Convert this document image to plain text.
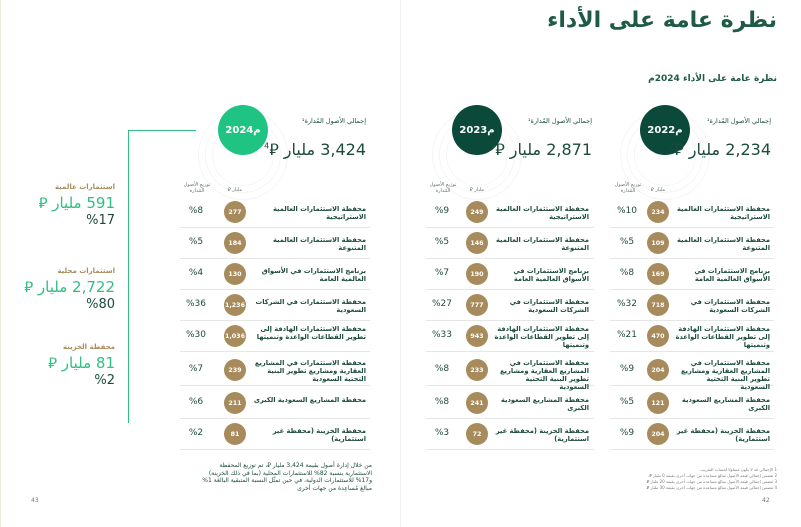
نظرة عامة على الأداء
نظرة عامة على الأداء 2024م
2024م
إجمالي الأصول المُدارة¹
3,424 مليار ⃁$^4$
مليار ⃁
توزيع الأصول المُدارة
محفظة الاستثمارات العالمية الاستراتيجية
277
%8
محفظة الاستثمارات العالمية المتنوعة
184
%5
برنامج الاستثمارات في الأسواق العالمية العامة
130
%4
محفظة الاستثمارات في الشركات السعودية
1,236
%36
محفظة الاستثمارات الهادفة إلى تطوير القطاعات الواعدة وتنميتها
1,036
%30
محفظة الاستثمارات في المشاريع العقارية ومشاريع تطوير البنية التحتية السعودية
239
%7
محفظة المشاريع السعودية الكبرى
211
%6
محفظة الخزينة (محفظة غير استثمارية)
81
%2
2023م
إجمالي الأصول المُدارة¹
2,871 مليار ⃁$^3$
مليار ⃁
توزيع الأصول المُدارة
محفظة الاستثمارات العالمية الاستراتيجية
249
%9
محفظة الاستثمارات العالمية المتنوعة
146
%5
برنامج الاستثمارات في الأسواق العالمية العامة
190
%7
محفظة الاستثمارات في الشركات السعودية
777
%27
محفظة الاستثمارات الهادفة إلى تطوير القطاعات الواعدة وتنميتها
943
%33
محفظة الاستثمارات في المشاريع العقارية ومشاريع تطوير البنية التحتية السعودية
233
%8
محفظة المشاريع السعودية الكبرى
241
%8
محفظة الخزينة (محفظة غير استثمارية)
72
%3
2022م
إجمالي الأصول المُدارة¹
2,234 مليار ⃁$^2$
مليار ⃁
توزيع الأصول المُدارة
محفظة الاستثمارات العالمية الاستراتيجية
234
%10
محفظة الاستثمارات العالمية المتنوعة
109
%5
برنامج الاستثمارات في الأسواق العالمية العامة
169
%8
محفظة الاستثمارات في الشركات السعودية
718
%32
محفظة الاستثمارات الهادفة إلى تطوير القطاعات الواعدة وتنميتها
470
%21
محفظة الاستثمارات في المشاريع العقارية ومشاريع تطوير البنية التحتية السعودية
204
%9
محفظة المشاريع السعودية الكبرى
121
%5
محفظة الخزينة (محفظة غير استثمارية)
204
%9
استثمارات عالمية
591 مليار ⃁
%17
استثمارات محلية
2,722 مليار ⃁
%80
محفظة الخزينة
81 مليار ⃁
%2
من خلال إدارة أصول بقيمة 3,424 مليار ⃁، تم توزيع المحفظة الاستثمارية بنسبة 82% للاستثمارات المحلية (بما في ذلك الخزينة) و17% للاستثمارات الدولية، في حين تمثّل النسبة المتبقية البالغة 1% مبالغ مُساعِدة من جهات أخرى
1 الإجمالي قد لا يكون مساويًا لحساب التقريب.
2 تتضمن إجمالي قيمة الأصول مبالغ مساعدة من جهات أخرى بقيمة 0 مليار ⃁.
3 تتضمن إجمالي قيمة الأصول مبالغ مساعدة من جهات أخرى بقيمة 20 مليار ⃁.
4 تتضمن إجمالي قيمة الأصول مبالغ مساعدة من جهات أخرى بقيمة 30 مليار ⃁.
43	42
